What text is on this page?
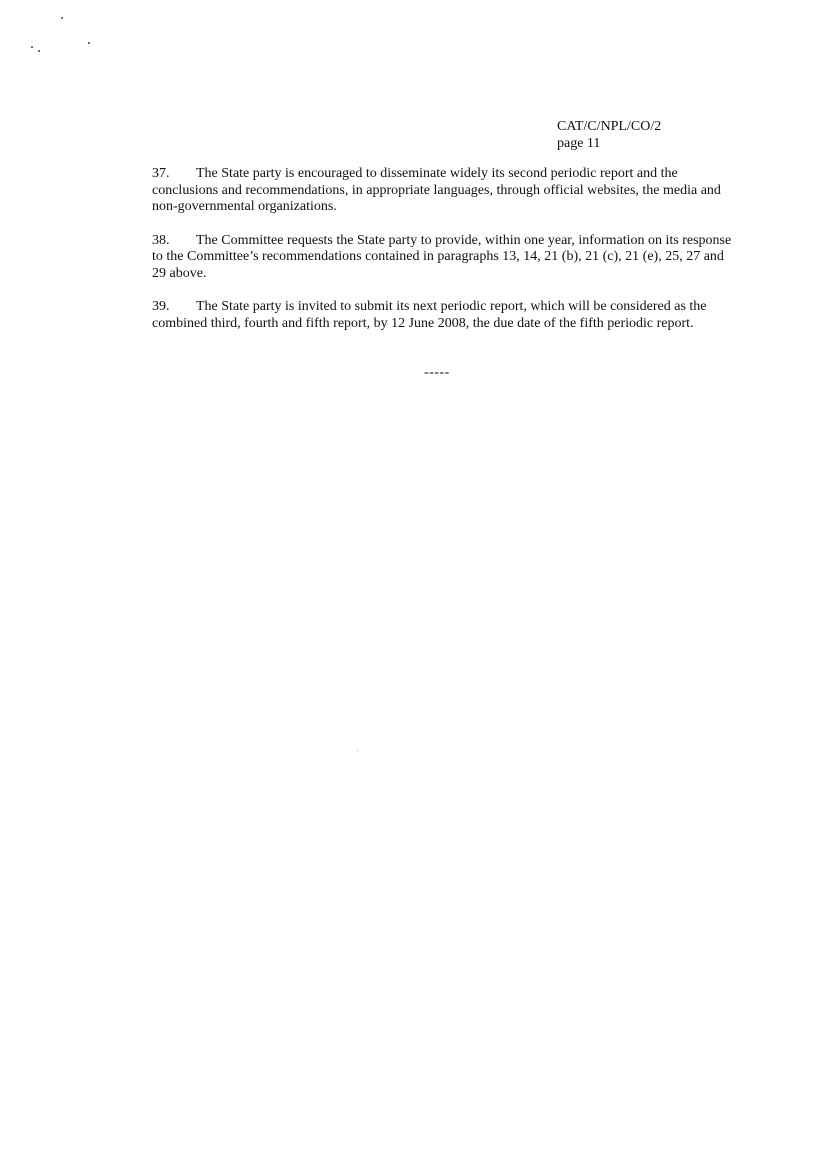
CAT/C/NPL/CO/2
page 11

37. The State party is encouraged to disseminate widely its second periodic report and the conclusions and recommendations, in appropriate languages, through official websites, the media and non-governmental organizations.

38. The Committee requests the State party to provide, within one year, information on its response to the Committee’s recommendations contained in paragraphs 13, 14, 21 (b), 21 (c), 21 (e), 25, 27 and 29 above.

39. The State party is invited to submit its next periodic report, which will be considered as the combined third, fourth and fifth report, by 12 June 2008, the due date of the fifth periodic report.

-----
